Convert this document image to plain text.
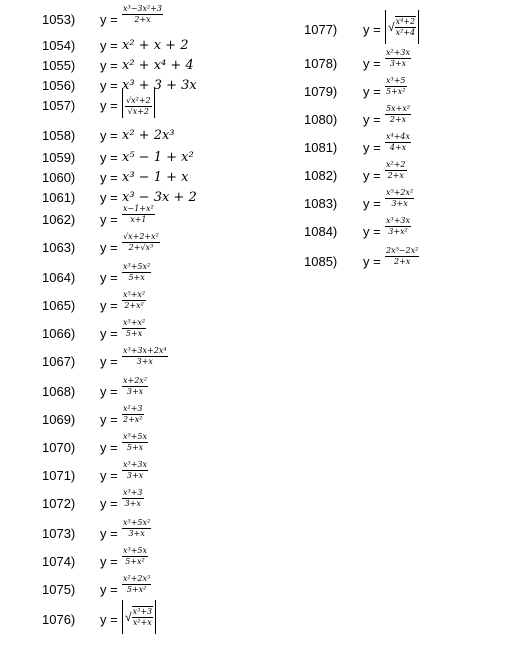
1053) y =
x³−3x²+3
2+x
1054) y = x² + x + 2
1055) y = x² + x⁴ + 4
1056) y = x³ + 3 + 3x
1057) $y = \frac{\text{√x²+2}}{√x+2}$
1058) y = x² + 2x³
1059) y = x⁵ − 1 + x²
1060) y = x³ − 1 + x
1061) y = x³ − 3x + 2
1062) y =
x−1+x²
x+1
1063) y =
√x+2+x²
2+√x³
1064) y =
x³+5x²
5+x
1065) y =
x⁵+x²
2+x²
1066) y =
x⁵+x²
5+x
1067) y =
x³+3x+2x⁴
3+x
1068) y =
x+2x²
3+x
1069) y =
x²+3
2+x²
1070) y =
x⁵+5x
5+x
1071) y =
x³+3x
3+x
1072) y =
x³+3
3+x
1073) y =
x⁵+5x²
3+x
1074) y =
x³+5x
5+x²
1075) y =
x²+2x³
5+x²
1076) y = √ $\frac{\text{x³+3}}{\text{x²+x}}$
1077) y = √ $\frac{\text{x⁴+2}}{\text{x²+4}}$
1078) y =
x²+3x
3+x
1079) y =
x³+5
5+x²
1080) y =
5x+x²
2+x
1081) y =
x⁴+4x
4+x
1082) y =
x²+2
2+x
1083) y =
x⁵+2x²
3+x
1084) y =
x³+3x
3+x²
1085) y =
2x⁵−2x²
2+x
